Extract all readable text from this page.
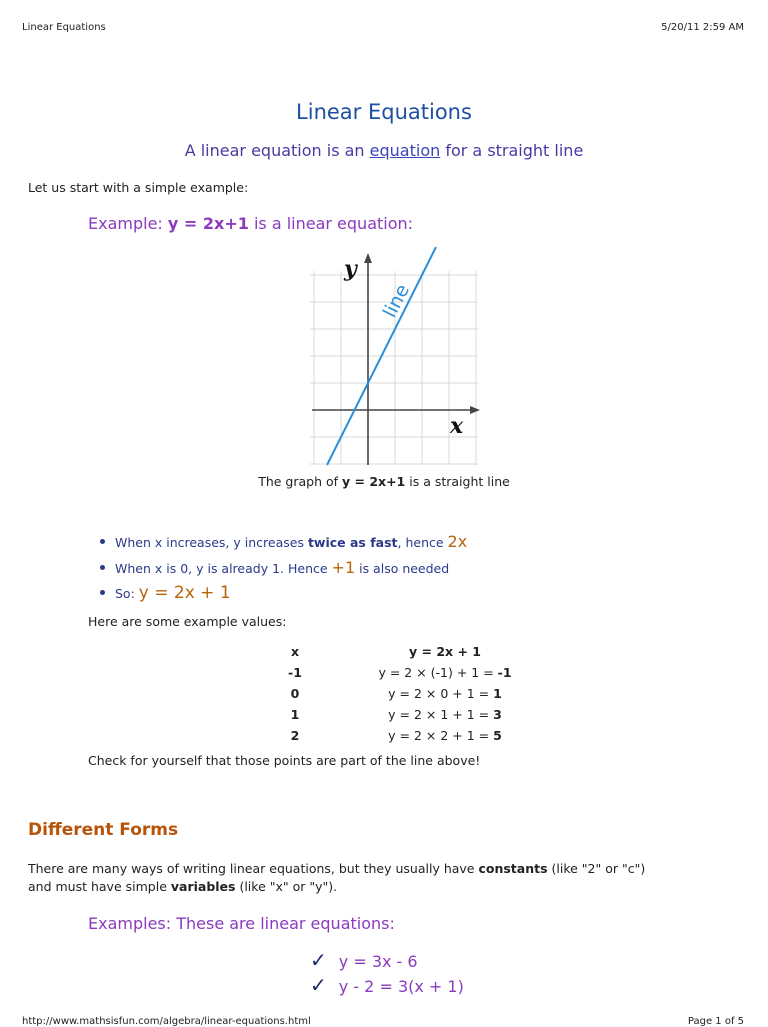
Linear Equations	5/20/11 2:59 AM
Linear Equations
A linear equation is an equation for a straight line
Let us start with a simple example:
Example: y = 2x+1 is a linear equation:
y
x
line
The graph of y = 2x+1 is a straight line
When x increases, y increases twice as fast, hence 2x
When x is 0, y is already 1. Hence +1 is also needed
So: y = 2x + 1
Here are some example values:
x	y = 2x + 1
-1	y = 2 × (-1) + 1 = -1
0	y = 2 × 0 + 1 = 1
1	y = 2 × 1 + 1 = 3
2	y = 2 × 2 + 1 = 5
Check for yourself that those points are part of the line above!
Different Forms
There are many ways of writing linear equations, but they usually have constants (like "2" or "c")
and must have simple variables (like "x" or "y").
Examples: These are linear equations:
✓ y = 3x - 6
✓ y - 2 = 3(x + 1)
http://www.mathsisfun.com/algebra/linear-equations.html	Page 1 of 5
